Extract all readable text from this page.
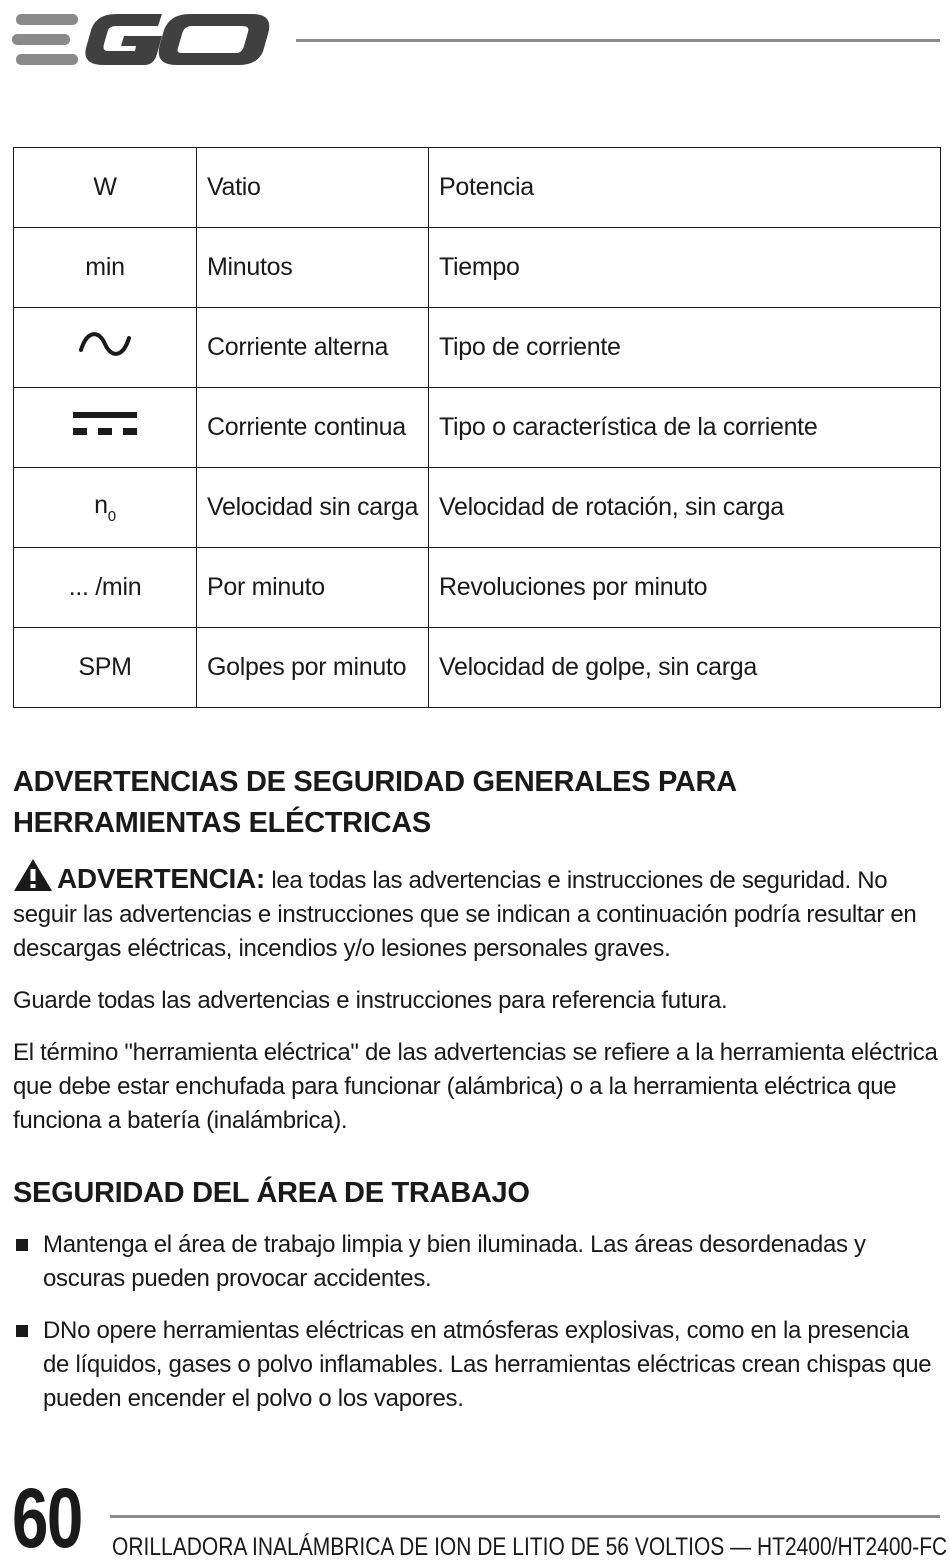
W	Vatio	Potencia
min	Minutos	Tiempo
	Corriente alterna	Tipo de corriente
	Corriente continua	Tipo o característica de la corriente
$n_0$	Velocidad sin carga	Velocidad de rotación, sin carga
... /min	Por minuto	Revoluciones por minuto
SPM	Golpes por minuto	Velocidad de golpe, sin carga
ADVERTENCIAS DE SEGURIDAD GENERALES PARA
HERRAMIENTAS ELÉCTRICAS

ADVERTENCIA: lea todas las advertencias e instrucciones de seguridad. No seguir las advertencias e instrucciones que se indican a continuación podría resultar en descargas eléctricas, incendios y/o lesiones personales graves.

Guarde todas las advertencias e instrucciones para referencia futura.

El término "herramienta eléctrica" de las advertencias se refiere a la herramienta eléctrica que debe estar enchufada para funcionar (alámbrica) o a la herramienta eléctrica que funciona a batería (inalámbrica).

SEGURIDAD DEL ÁREA DE TRABAJO
Mantenga el área de trabajo limpia y bien iluminada. Las áreas desordenadas y oscuras pueden provocar accidentes.
DNo opere herramientas eléctricas en atmósferas explosivas, como en la presencia de líquidos, gases o polvo inflamables. Las herramientas eléctricas crean chispas que pueden encender el polvo o los vapores.
60 ORILLADORA INALÁMBRICA DE ION DE LITIO DE 56 VOLTIOS — HT2400/HT2400-FC
